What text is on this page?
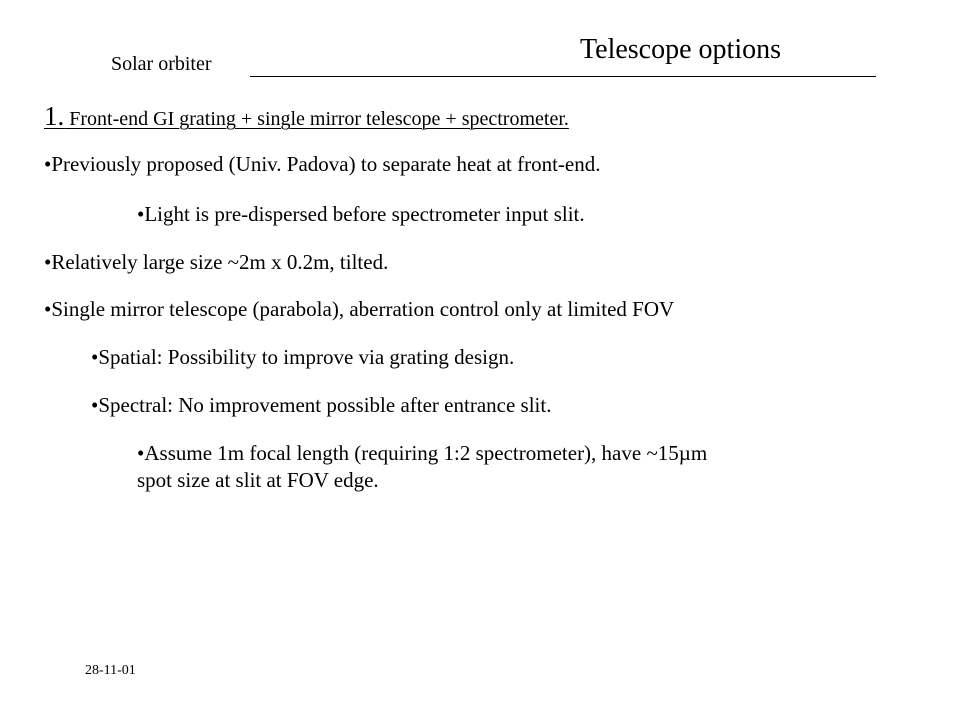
Solar orbiter	Telescope options
1. Front-end GI grating + single mirror telescope + spectrometer.
•Previously proposed (Univ. Padova) to separate heat at front-end.
•Light is pre-dispersed before spectrometer input slit.
•Relatively large size ~2m x 0.2m, tilted.
•Single mirror telescope (parabola), aberration control only at limited FOV
•Spatial: Possibility to improve via grating design.
•Spectral: No improvement possible after entrance slit.
•Assume 1m focal length (requiring 1:2 spectrometer), have ~15µm
spot size at slit at FOV edge.
28-11-01
